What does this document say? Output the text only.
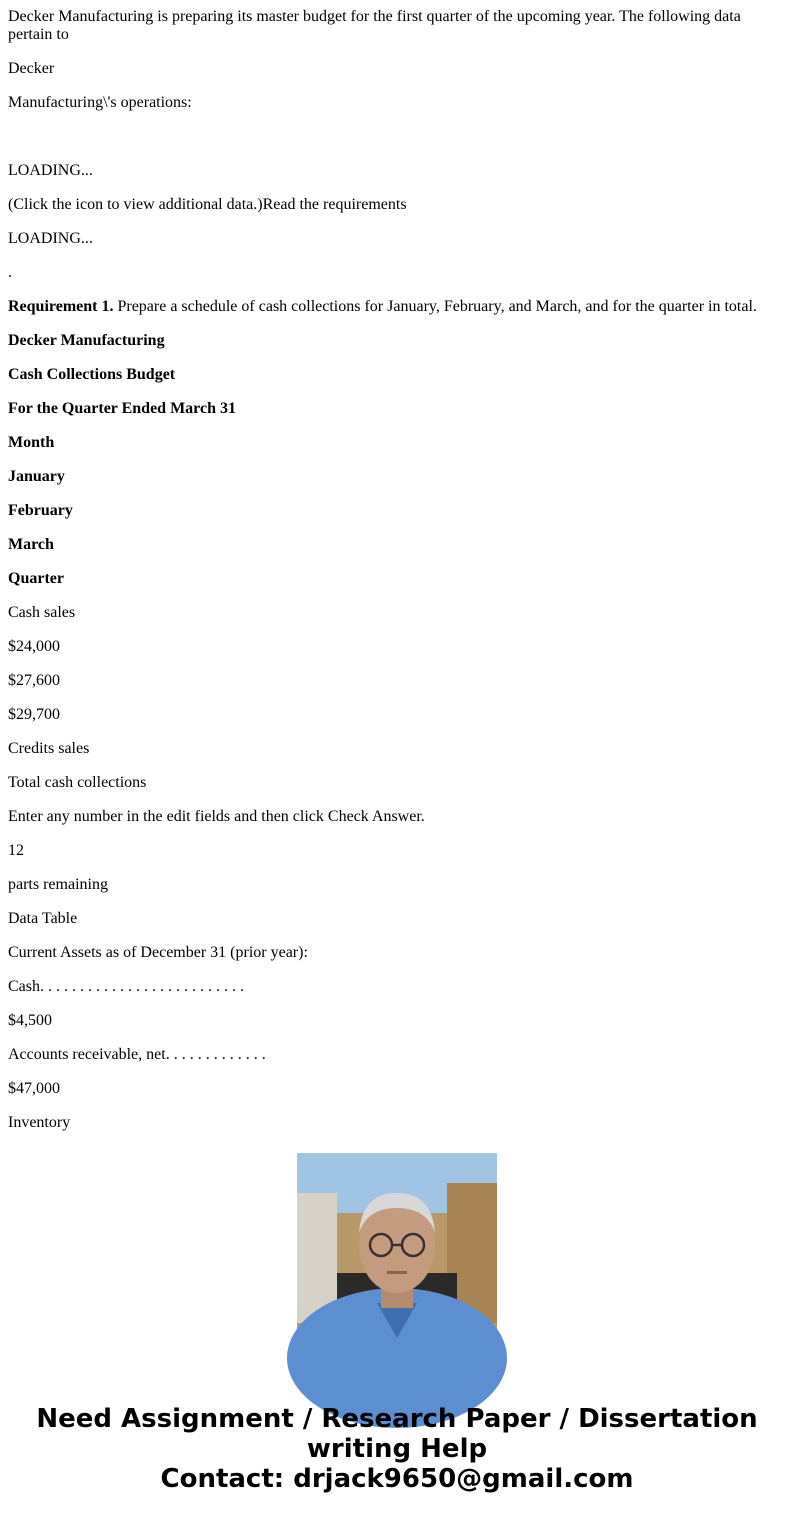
Decker Manufacturing is preparing its master budget for the first quarter of the upcoming year. The following data pertain to

Decker

Manufacturing\'s operations:

LOADING...

(Click the icon to view additional data.)Read the requirements

LOADING...

.

Requirement 1. Prepare a schedule of cash collections for January, February, and March, and for the quarter in total.

Decker Manufacturing

Cash Collections Budget

For the Quarter Ended March 31

Month

January

February

March

Quarter

Cash sales

$24,000

$27,600

$29,700

Credits sales

Total cash collections

Enter any number in the edit fields and then click Check Answer.

12

parts remaining

Data Table

Current Assets as of December 31 (prior year):

Cash. . . . . . . . . . . . . . . . . . . . . . . . . .

$4,500

Accounts receivable, net. . . . . . . . . . . . .

$47,000

Inventory

Need Assignment / Research Paper / Dissertation
writing Help
Contact: drjack9650@gmail.com
